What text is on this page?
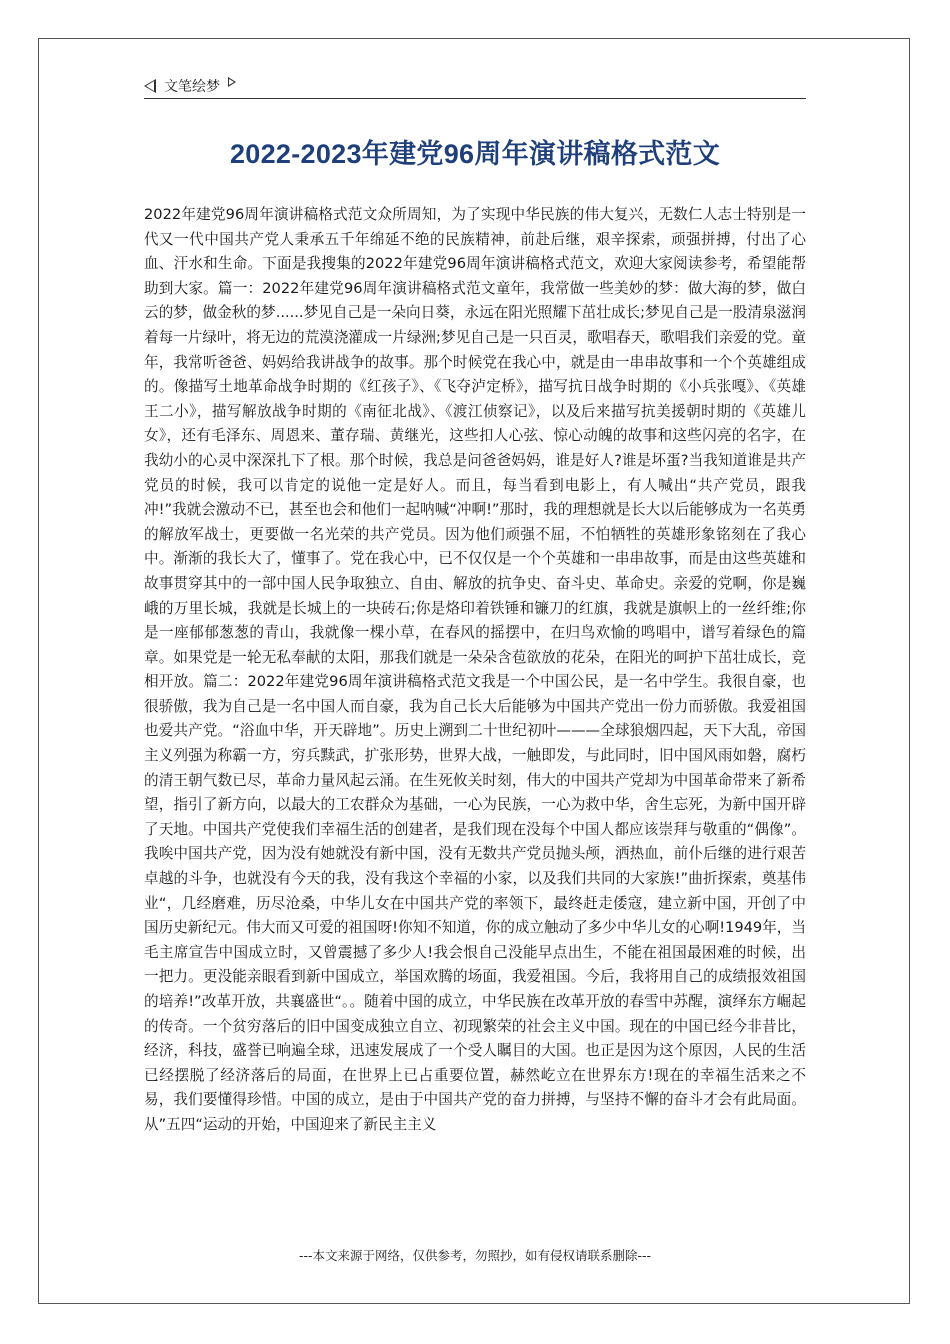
文笔绘梦
2022-2023年建党96周年演讲稿格式范文

2022年建党96周年演讲稿格式范文众所周知，为了实现中华民族的伟大复兴，无数仁人志士特别是一代又一代中国共产党人秉承五千年绵延不绝的民族精神，前赴后继，艰辛探索，顽强拼搏，付出了心血、汗水和生命。下面是我搜集的2022年建党96周年演讲稿格式范文，欢迎大家阅读参考，希望能帮助到大家。篇一：2022年建党96周年演讲稿格式范文童年，我常做一些美妙的梦：做大海的梦，做白云的梦，做金秋的梦......梦见自己是一朵向日葵，永远在阳光照耀下茁壮成长;梦见自己是一股清泉滋润着每一片绿叶，将无边的荒漠浇灌成一片绿洲;梦见自己是一只百灵，歌唱春天，歌唱我们亲爱的党。童年，我常听爸爸、妈妈给我讲战争的故事。那个时候党在我心中，就是由一串串故事和一个个英雄组成的。像描写土地革命战争时期的《红孩子》、《飞夺泸定桥》，描写抗日战争时期的《小兵张嘎》、《英雄王二小》，描写解放战争时期的《南征北战》、《渡江侦察记》，以及后来描写抗美援朝时期的《英雄儿女》，还有毛泽东、周恩来、董存瑞、黄继光，这些扣人心弦、惊心动魄的故事和这些闪亮的名字，在我幼小的心灵中深深扎下了根。那个时候，我总是问爸爸妈妈，谁是好人?谁是坏蛋?当我知道谁是共产党员的时候，我可以肯定的说他一定是好人。而且，每当看到电影上，有人喊出“共产党员，跟我冲!”我就会激动不已，甚至也会和他们一起呐喊“冲啊!”那时，我的理想就是长大以后能够成为一名英勇的解放军战士，更要做一名光荣的共产党员。因为他们顽强不屈，不怕牺牲的英雄形象铭刻在了我心中。渐渐的我长大了，懂事了。党在我心中，已不仅仅是一个个英雄和一串串故事，而是由这些英雄和故事贯穿其中的一部中国人民争取独立、自由、解放的抗争史、奋斗史、革命史。亲爱的党啊，你是巍峨的万里长城，我就是长城上的一块砖石;你是烙印着铁锤和镰刀的红旗，我就是旗帜上的一丝纤维;你是一座郁郁葱葱的青山，我就像一棵小草，在春风的摇摆中，在归鸟欢愉的鸣唱中，谱写着绿色的篇章。如果党是一轮无私奉献的太阳，那我们就是一朵朵含苞欲放的花朵，在阳光的呵护下茁壮成长，竞相开放。篇二：2022年建党96周年演讲稿格式范文我是一个中国公民，是一名中学生。我很自豪，也很骄傲，我为自己是一名中国人而自豪，我为自己长大后能够为中国共产党出一份力而骄傲。我爱祖国也爱共产党。“浴血中华，开天辟地”。历史上溯到二十世纪初叶———全球狼烟四起，天下大乱，帝国主义列强为称霸一方，穷兵黩武，扩张形势，世界大战，一触即发，与此同时，旧中国风雨如磐，腐朽的清王朝气数已尽，革命力量风起云涌。在生死攸关时刻，伟大的中国共产党却为中国革命带来了新希望，指引了新方向，以最大的工农群众为基础，一心为民族，一心为救中华，舍生忘死，为新中国开辟了天地。中国共产党使我们幸福生活的创建者，是我们现在没每个中国人都应该崇拜与敬重的“偶像”。我唉中国共产党，因为没有她就没有新中国，没有无数共产党员抛头颅，洒热血，前仆后继的进行艰苦卓越的斗争，也就没有今天的我，没有我这个幸福的小家，以及我们共同的大家族!”曲折探索，奠基伟业“，几经磨难，历尽沧桑，中华儿女在中国共产党的率领下，最终赶走倭寇，建立新中国，开创了中国历史新纪元。伟大而又可爱的祖国呀!你知不知道，你的成立触动了多少中华儿女的心啊!1949年，当毛主席宣告中国成立时，又曾震撼了多少人!我会恨自己没能早点出生，不能在祖国最困难的时候，出一把力。更没能亲眼看到新中国成立，举国欢腾的场面，我爱祖国。今后，我将用自己的成绩报效祖国的培养!”改革开放，共襄盛世“。。随着中国的成立，中华民族在改革开放的春雪中苏醒，演绎东方崛起的传奇。一个贫穷落后的旧中国变成独立自立、初现繁荣的社会主义中国。现在的中国已经今非昔比，经济，科技，盛誉已响遍全球，迅速发展成了一个受人瞩目的大国。也正是因为这个原因，人民的生活已经摆脱了经济落后的局面，在世界上已占重要位置，赫然屹立在世界东方!现在的幸福生活来之不易，我们要懂得珍惜。中国的成立，是由于中国共产党的奋力拼搏，与坚持不懈的奋斗才会有此局面。从”五四“运动的开始，中国迎来了新民主主义

---本文来源于网络，仅供参考，勿照抄，如有侵权请联系删除---
